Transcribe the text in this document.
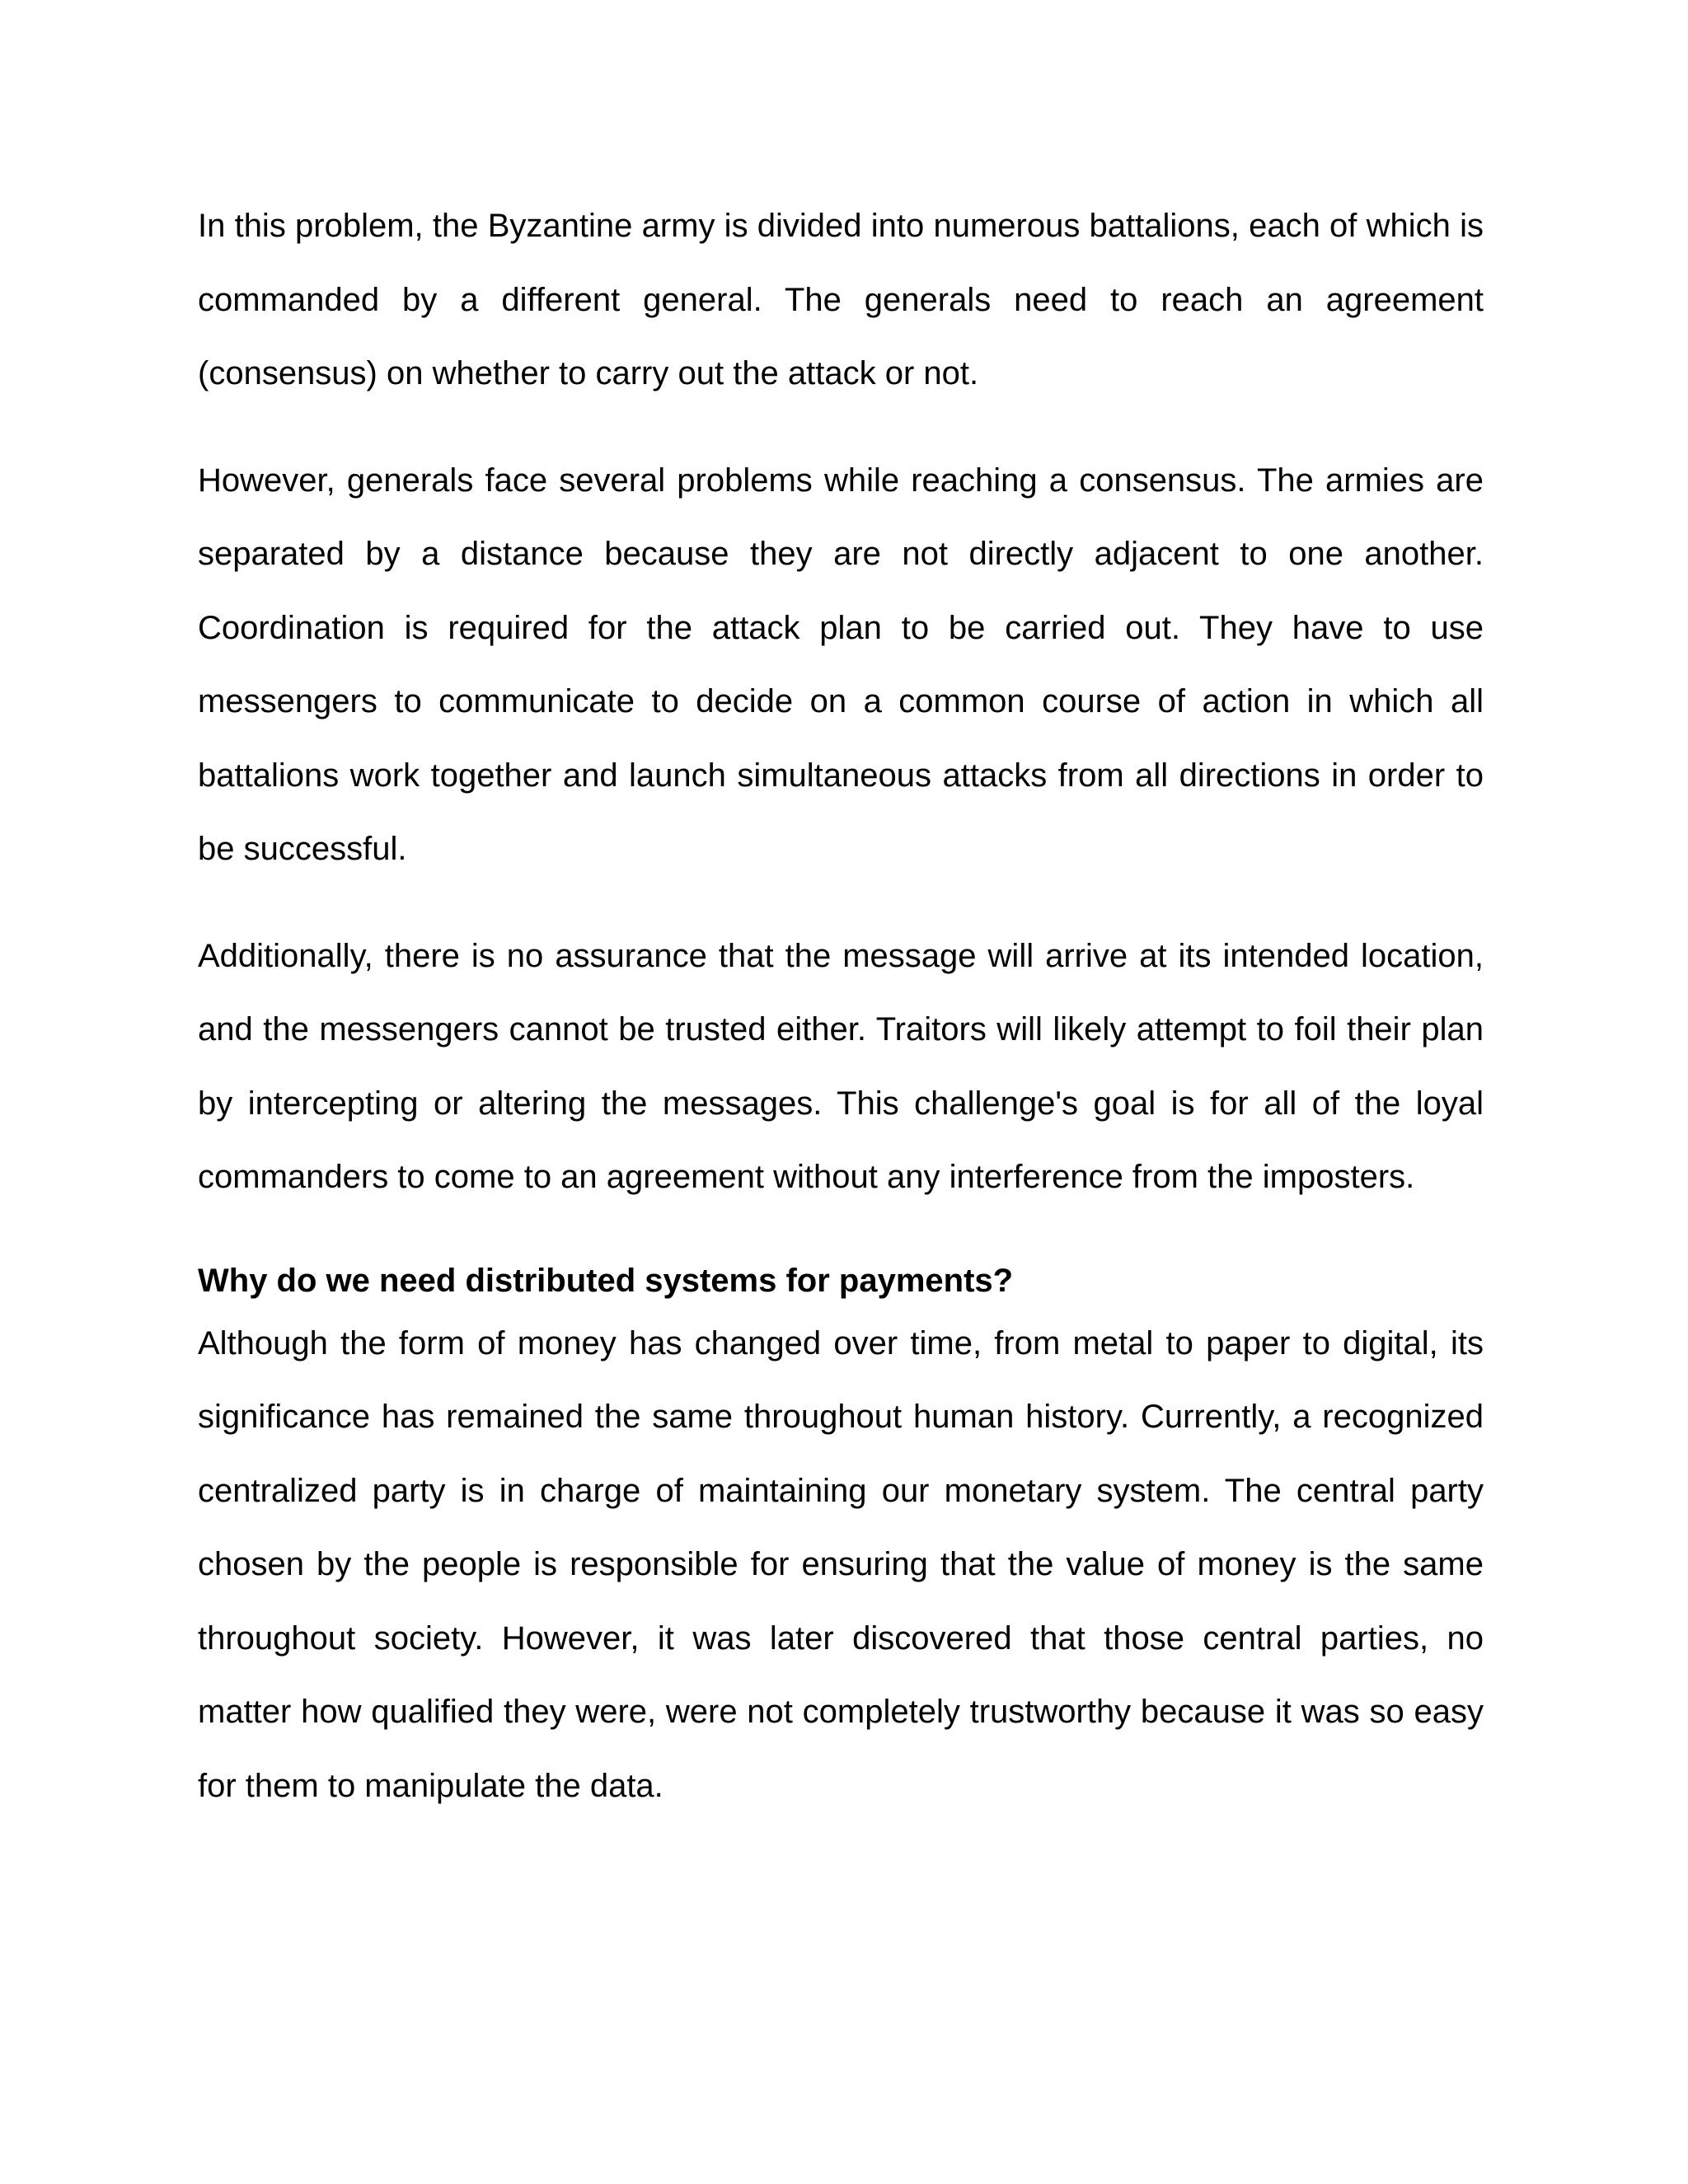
In this problem, the Byzantine army is divided into numerous battalions, each of which is commanded by a different general. The generals need to reach an agreement (consensus) on whether to carry out the attack or not.

However, generals face several problems while reaching a consensus. The armies are separated by a distance because they are not directly adjacent to one another. Coordination is required for the attack plan to be carried out. They have to use messengers to communicate to decide on a common course of action in which all battalions work together and launch simultaneous attacks from all directions in order to be successful.

Additionally, there is no assurance that the message will arrive at its intended location, and the messengers cannot be trusted either. Traitors will likely attempt to foil their plan by intercepting or altering the messages. This challenge's goal is for all of the loyal commanders to come to an agreement without any interference from the imposters.

Why do we need distributed systems for payments?

Although the form of money has changed over time, from metal to paper to digital, its significance has remained the same throughout human history. Currently, a recognized centralized party is in charge of maintaining our monetary system. The central party chosen by the people is responsible for ensuring that the value of money is the same throughout society. However, it was later discovered that those central parties, no matter how qualified they were, were not completely trustworthy because it was so easy for them to manipulate the data.
